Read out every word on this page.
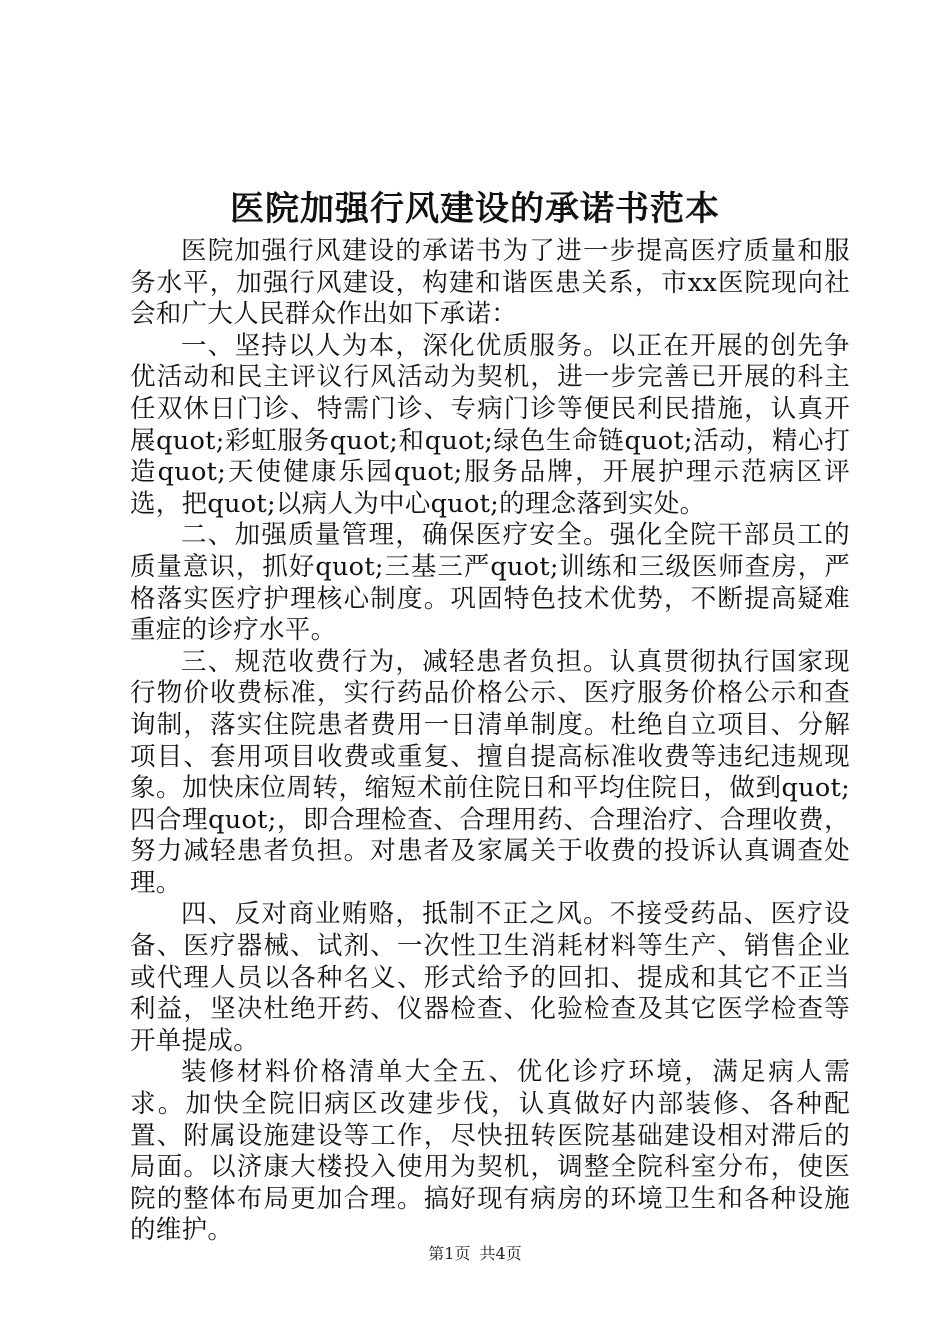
医院加强行风建设的承诺书范本

医院加强行风建设的承诺书为了进一步提高医疗质量和服务水平，加强行风建设，构建和谐医患关系，市xx医院现向社会和广大人民群众作出如下承诺：

一、坚持以人为本，深化优质服务。以正在开展的创先争优活动和民主评议行风活动为契机，进一步完善已开展的科主任双休日门诊、特需门诊、专病门诊等便民利民措施，认真开展quot;彩虹服务quot;和quot;绿色生命链quot;活动，精心打造quot;天使健康乐园quot;服务品牌，开展护理示范病区评选，把quot;以病人为中心quot;的理念落到实处。

二、加强质量管理，确保医疗安全。强化全院干部员工的质量意识，抓好quot;三基三严quot;训练和三级医师查房，严格落实医疗护理核心制度。巩固特色技术优势，不断提高疑难重症的诊疗水平。

三、规范收费行为，减轻患者负担。认真贯彻执行国家现行物价收费标准，实行药品价格公示、医疗服务价格公示和查询制，落实住院患者费用一日清单制度。杜绝自立项目、分解项目、套用项目收费或重复、擅自提高标准收费等违纪违规现象。加快床位周转，缩短术前住院日和平均住院日，做到quot;四合理quot;，即合理检查、合理用药、合理治疗、合理收费，努力减轻患者负担。对患者及家属关于收费的投诉认真调查处理。

四、反对商业贿赂，抵制不正之风。不接受药品、医疗设备、医疗器械、试剂、一次性卫生消耗材料等生产、销售企业或代理人员以各种名义、形式给予的回扣、提成和其它不正当利益，坚决杜绝开药、仪器检查、化验检查及其它医学检查等开单提成。

装修材料价格清单大全五、优化诊疗环境，满足病人需求。加快全院旧病区改建步伐，认真做好内部装修、各种配置、附属设施建设等工作，尽快扭转医院基础建设相对滞后的局面。以济康大楼投入使用为契机，调整全院科室分布，使医院的整体布局更加合理。搞好现有病房的环境卫生和各种设施的维护。

第1页 共4页
